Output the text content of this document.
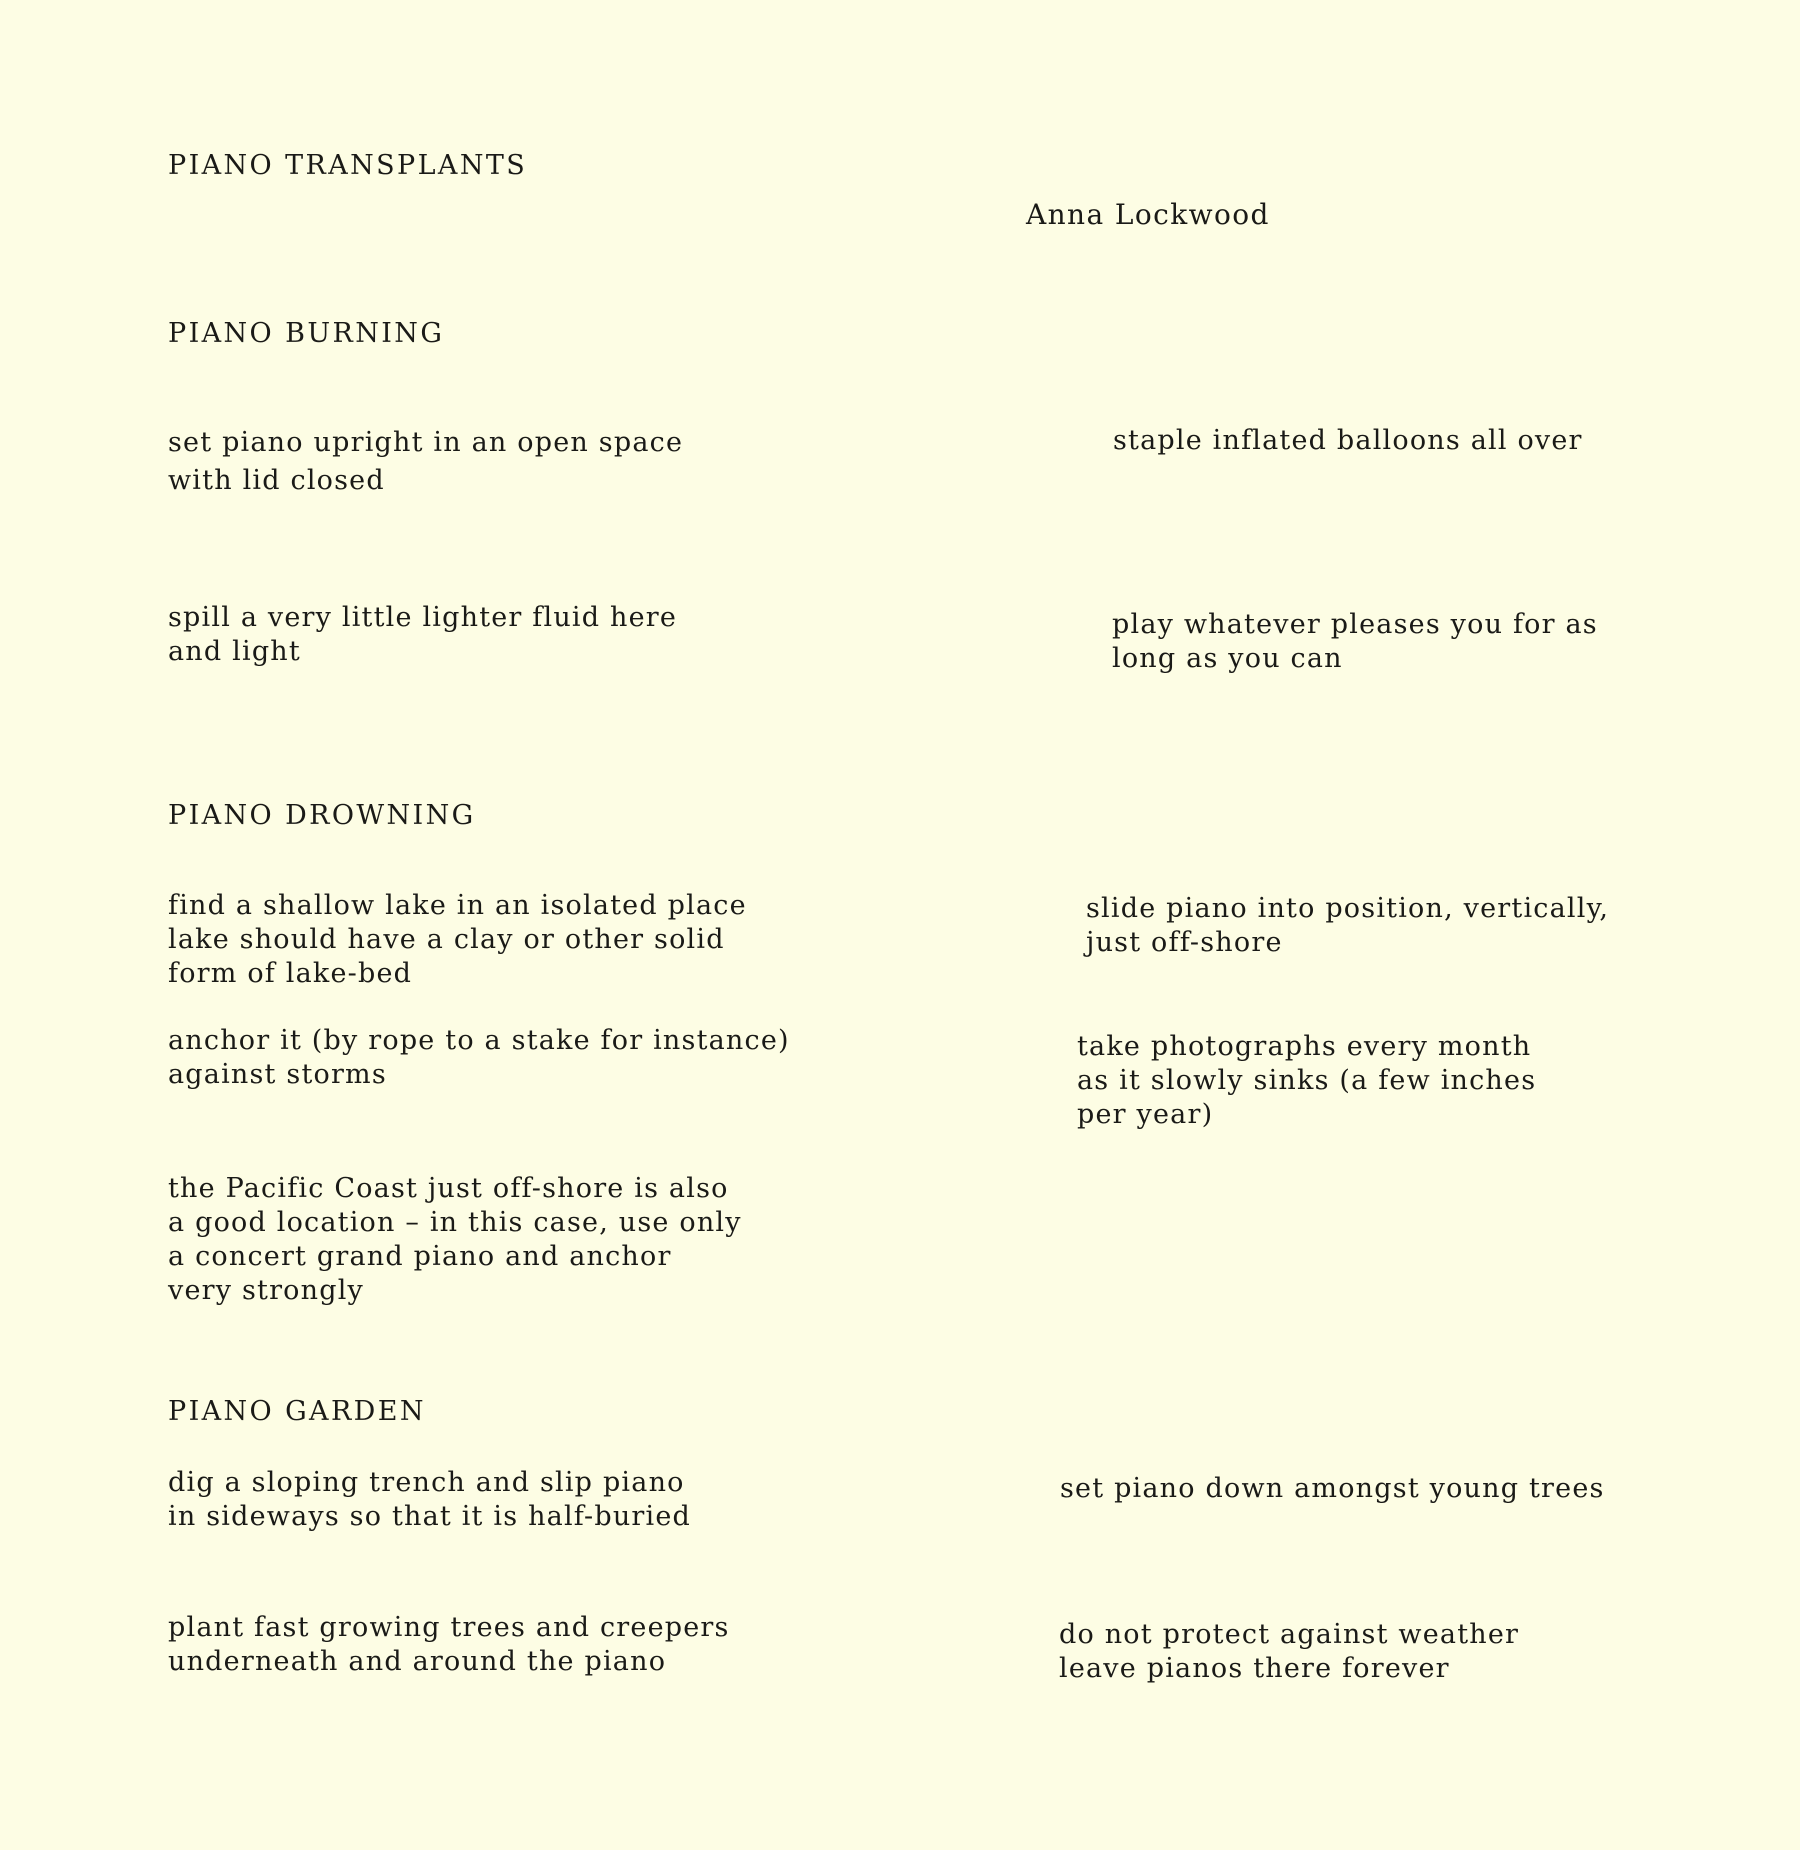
PIANO TRANSPLANTS
Anna Lockwood
PIANO BURNING
set piano upright in an open space
with lid closed
staple inflated balloons all over
spill a very little lighter fluid here
and light
play whatever pleases you for as
long as you can
PIANO DROWNING
find a shallow lake in an isolated place
lake should have a clay or other solid
form of lake-bed
slide piano into position, vertically,
just off-shore
anchor it (by rope to a stake for instance)
against storms
take photographs every month
as it slowly sinks (a few inches
per year)
the Pacific Coast just off-shore is also
a good location – in this case, use only
a concert grand piano and anchor
very strongly
PIANO GARDEN
dig a sloping trench and slip piano
in sideways so that it is half-buried
set piano down amongst young trees
plant fast growing trees and creepers
underneath and around the piano
do not protect against weather
leave pianos there forever
